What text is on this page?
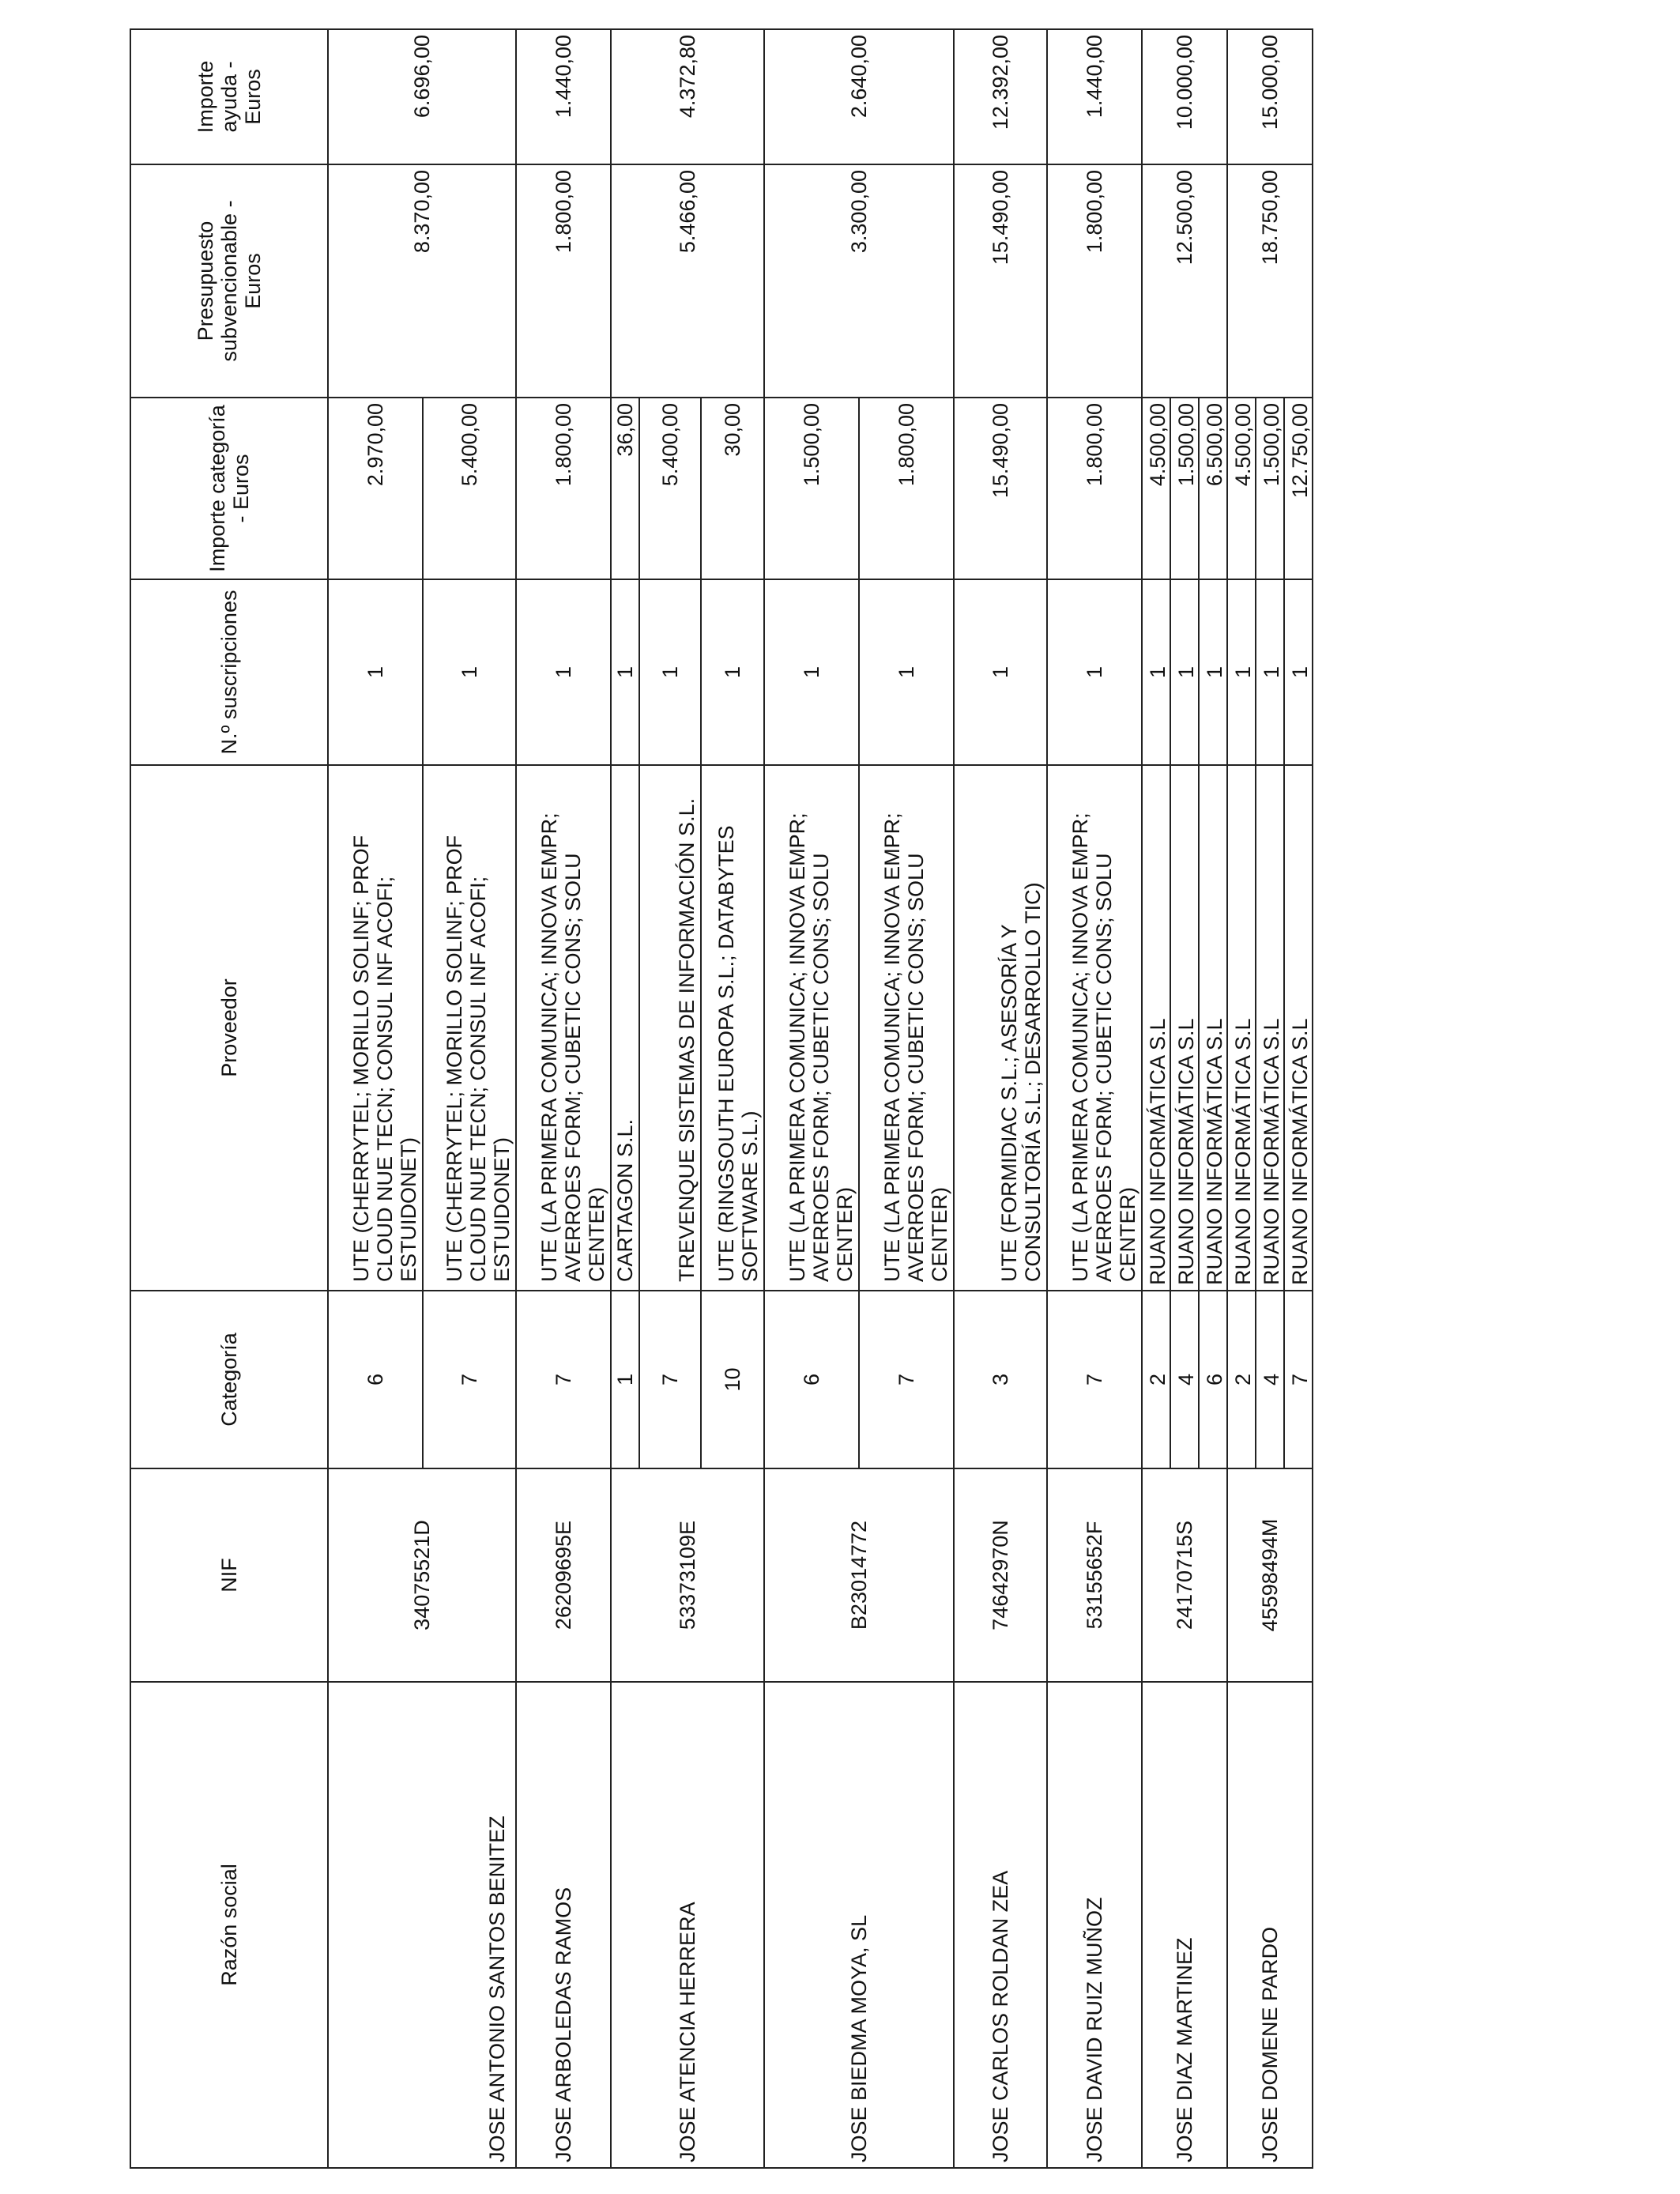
Razón social	NIF	Categoría	Proveedor	N.º suscripciones	Importe categoría - Euros	Presupuesto subvencionable - Euros	Importe ayuda - Euros
JOSE ANTONIO SANTOS BENITEZ	34075521D	6	UTE (CHERRYTEL; MORILLO SOLINF; PROF CLOUD NUE TECN; CONSUL INF ACOFI; ESTUIDONET)	1	2.970,00	8.370,00	6.696,00
		7	UTE (CHERRYTEL; MORILLO SOLINF; PROF CLOUD NUE TECN; CONSUL INF ACOFI; ESTUIDONET)	1	5.400,00		
JOSE ARBOLEDAS RAMOS	26209695E	7	UTE (LA PRIMERA COMUNICA; INNOVA EMPR; AVERROES FORM; CUBETIC CONS; SOLU CENTER)	1	1.800,00	1.800,00	1.440,00
JOSE ATENCIA HERRERA	53373109E	1	CARTAGON S.L.	1	36,00	5.466,00	4.372,80
		7	TREVENQUE SISTEMAS DE INFORMACIÓN S.L.	1	5.400,00		
		10	UTE (RINGSOUTH EUROPA S.L.; DATABYTES SOFTWARE S.L.)	1	30,00		
JOSE BIEDMA MOYA, SL	B23014772	6	UTE (LA PRIMERA COMUNICA; INNOVA EMPR; AVERROES FORM; CUBETIC CONS; SOLU CENTER)	1	1.500,00	3.300,00	2.640,00
		7	UTE (LA PRIMERA COMUNICA; INNOVA EMPR; AVERROES FORM; CUBETIC CONS; SOLU CENTER)	1	1.800,00		
JOSE CARLOS ROLDAN ZEA	74642970N	3	UTE (FORMIDIAC S.L.; ASESORÍA Y CONSULTORÍA S.L.; DESARROLLO TIC)	1	15.490,00	15.490,00	12.392,00
JOSE DAVID RUIZ MUÑOZ	53155652F	7	UTE (LA PRIMERA COMUNICA; INNOVA EMPR; AVERROES FORM; CUBETIC CONS; SOLU CENTER)	1	1.800,00	1.800,00	1.440,00
JOSE DIAZ MARTINEZ	24170715S	2	RUANO INFORMÁTICA S.L	1	4.500,00	12.500,00	10.000,00
		4	RUANO INFORMÁTICA S.L	1	1.500,00		
		6	RUANO INFORMÁTICA S.L	1	6.500,00		
JOSE DOMENE PARDO	45598494M	2	RUANO INFORMÁTICA S.L	1	4.500,00	18.750,00	15.000,00
		4	RUANO INFORMÁTICA S.L	1	1.500,00		
		7	RUANO INFORMÁTICA S.L	1	12.750,00		
